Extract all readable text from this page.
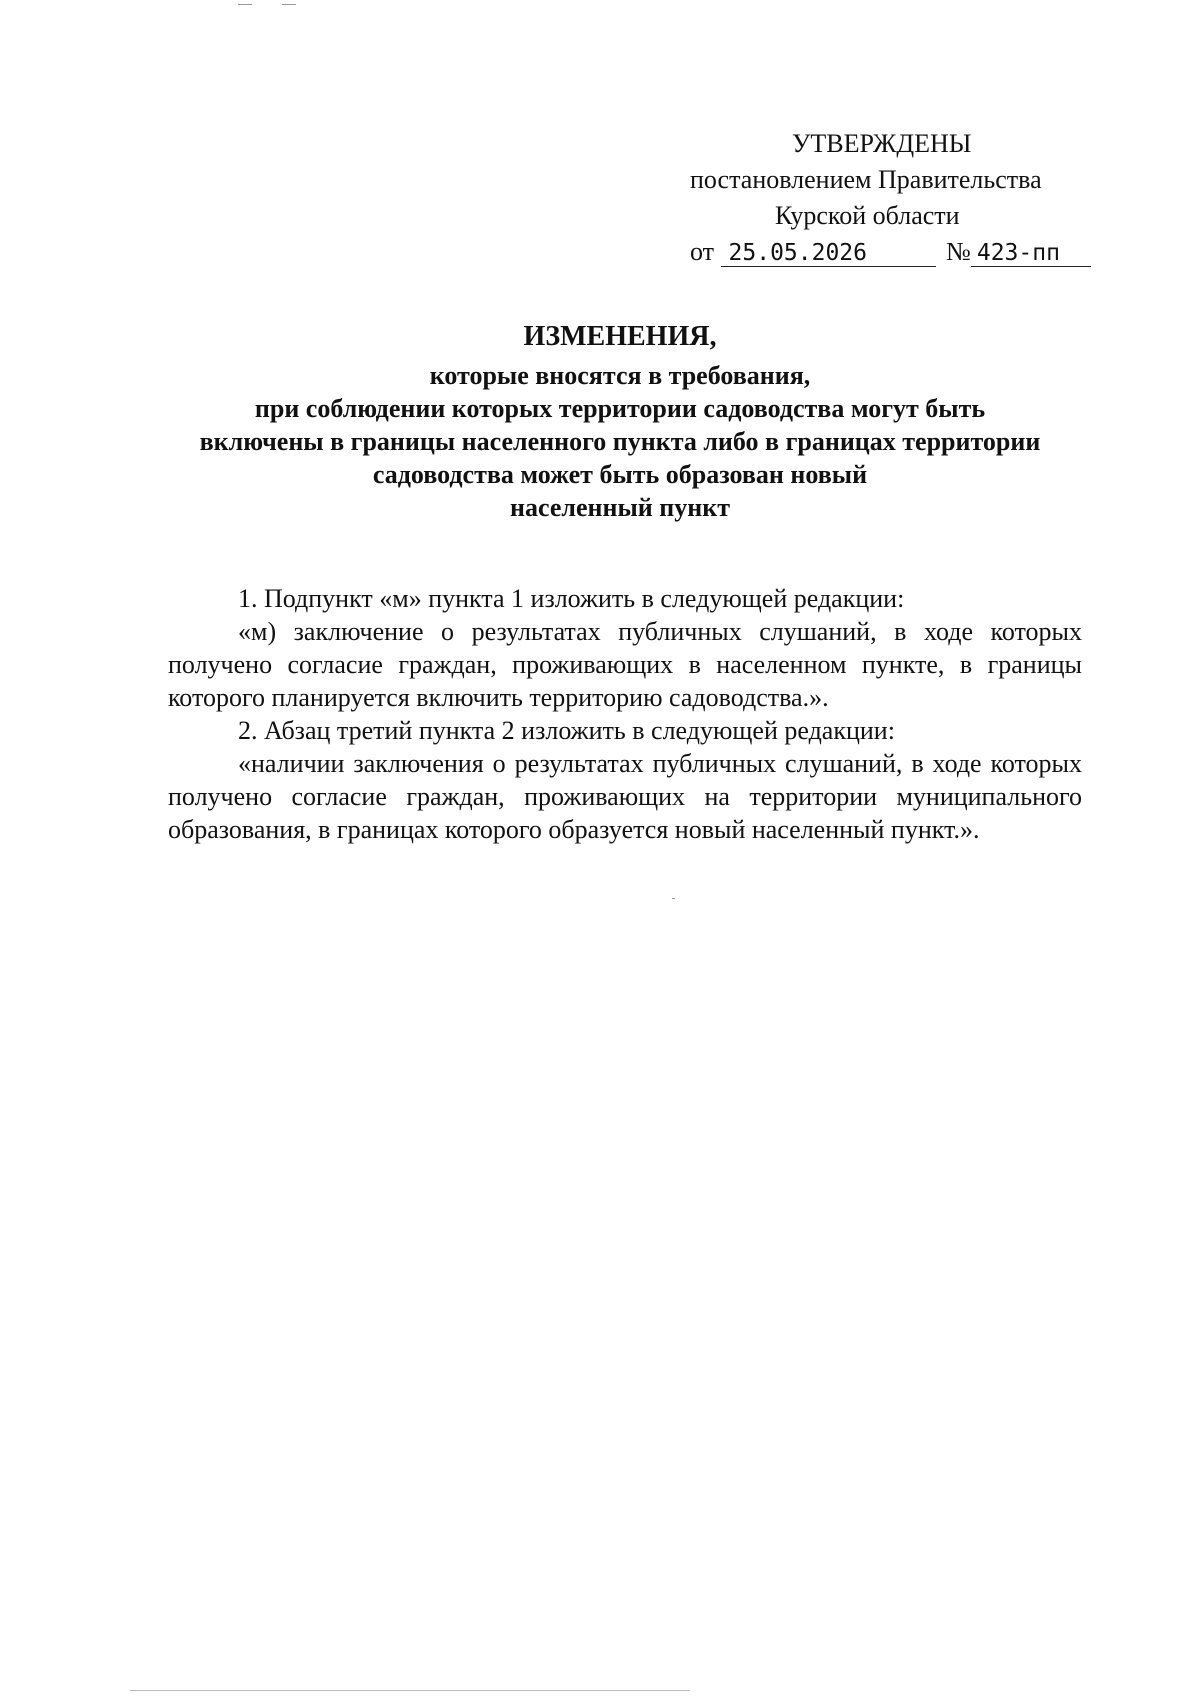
УТВЕРЖДЕНЫ
постановлением Правительства
Курской области
от 25.05.2026	№ 423-пп
ИЗМЕНЕНИЯ,
которые вносятся в требования,
при соблюдении которых территории садоводства могут быть
включены в границы населенного пункта либо в границах территории
садоводства может быть образован новый
населенный пункт

1. Подпункт «м» пункта 1 изложить в следующей редакции:

«м) заключение о результатах публичных слушаний, в ходе которых получено согласие граждан, проживающих в населенном пункте, в границы которого планируется включить территорию садоводства.».

2. Абзац третий пункта 2 изложить в следующей редакции:

«наличии заключения о результатах публичных слушаний, в ходе которых получено согласие граждан, проживающих на территории муниципального образования, в границах которого образуется новый населенный пункт.».
